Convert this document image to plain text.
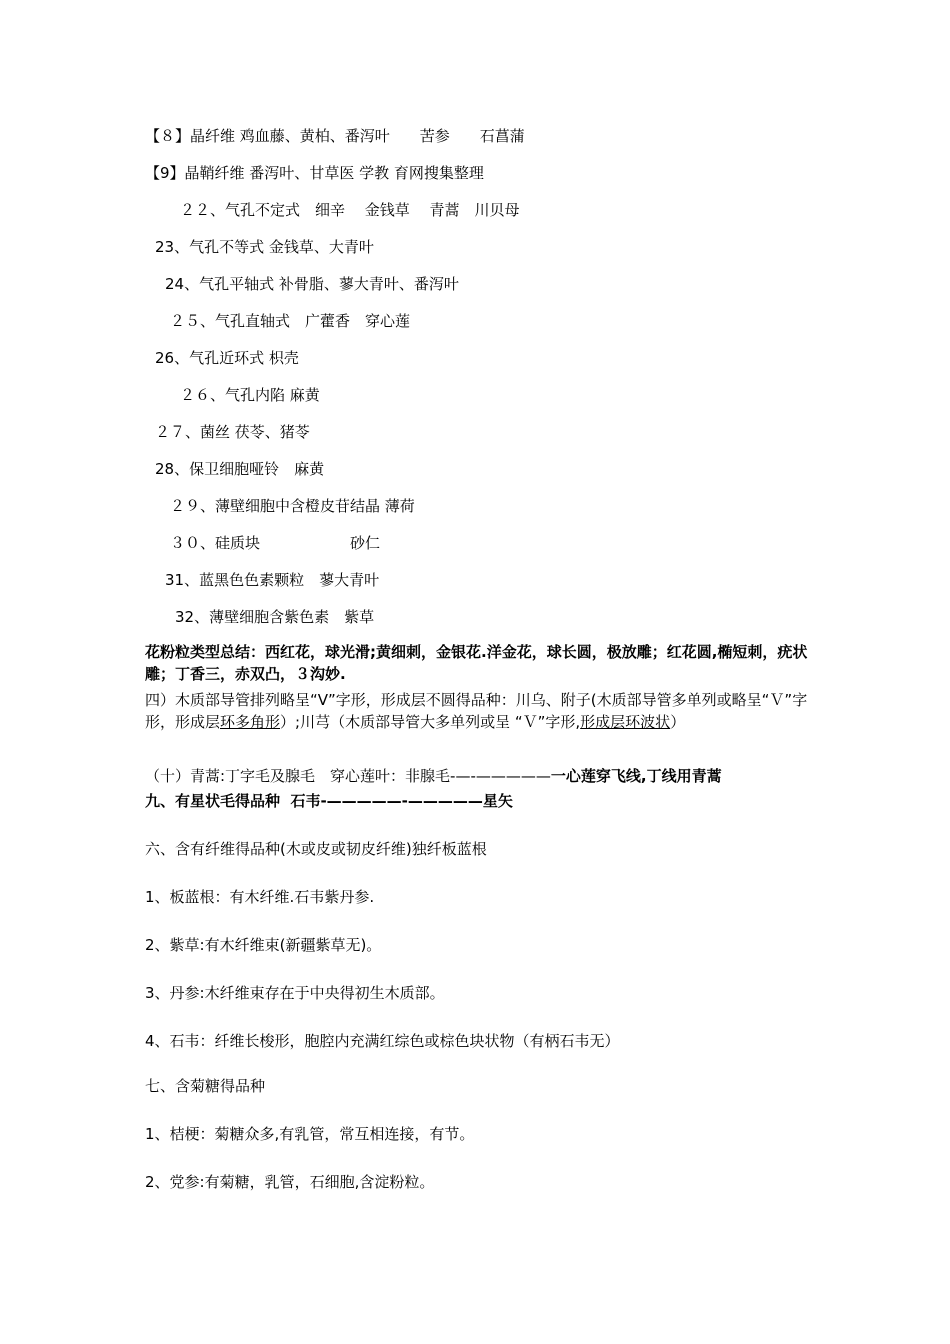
【８】晶纤维 鸡血藤、黄柏、番泻叶　　苦参　　石菖蒲
【9】晶鞘纤维 番泻叶、甘草医 学教 育网搜集整理
２２、气孔不定式　细辛　 金钱草　 青蒿　川贝母
23、气孔不等式 金钱草、大青叶
24、气孔平轴式 补骨脂、蓼大青叶、番泻叶
２５、气孔直轴式　广藿香　穿心莲
26、气孔近环式 枳壳
２６、气孔内陷 麻黄
２７、菌丝 茯苓、猪苓
28、保卫细胞哑铃　麻黄
２９、薄壁细胞中含橙皮苷结晶 薄荷
３０、硅质块　　　　　　砂仁
31、蓝黑色色素颗粒　蓼大青叶
32、薄壁细胞含紫色素　紫草
花粉粒类型总结：西红花，球光滑;黄细刺，金银花.洋金花，球长圆，极放雕；红花圆,椭短刺，疣状雕；丁香三，赤双凸，３沟妙.
四）木质部导管排列略呈“V”字形，形成层不圆得品种：川乌、附子(木质部导管多单列或略呈“Ｖ”字形，形成层环多角形）;川芎（木质部导管大多单列或呈 “Ｖ”字形,形成层环波状）
（十）青蒿:丁字毛及腺毛　穿心莲叶：非腺毛-—-—————一心莲穿飞线,丁线用青蒿
九、有星状毛得品种  石韦-—————-—————星矢
六、含有纤维得品种(木或皮或韧皮纤维)独纤板蓝根
1、板蓝根：有木纤维.石韦紫丹参.
2、紫草:有木纤维束(新疆紫草无)。
3、丹参:木纤维束存在于中央得初生木质部。
4、石韦：纤维长梭形，胞腔内充满红综色或棕色块状物（有柄石韦无）
七、含菊糖得品种
1、桔梗：菊糖众多,有乳管，常互相连接，有节。
2、党参:有菊糖，乳管，石细胞,含淀粉粒。
